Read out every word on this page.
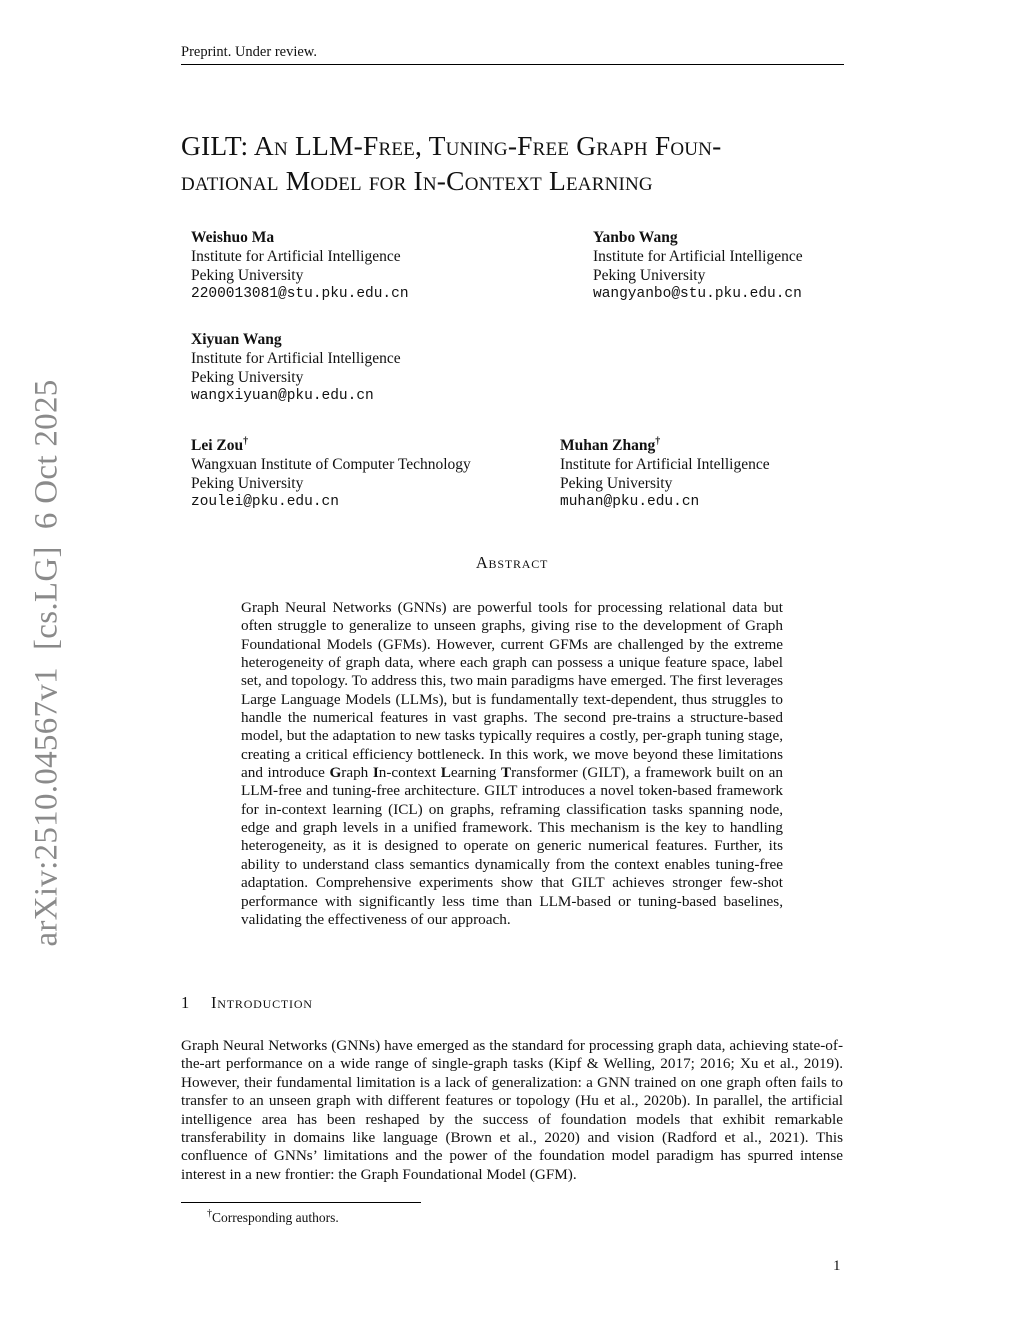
Preprint. Under review.
GILT: An LLM-Free, Tuning-Free Graph Foun-
dational Model for In-Context Learning
Weishuo Ma
Institute for Artificial Intelligence
Peking University
2200013081@stu.pku.edu.cn
Yanbo Wang
Institute for Artificial Intelligence
Peking University
wangyanbo@stu.pku.edu.cn
Xiyuan Wang
Institute for Artificial Intelligence
Peking University
wangxiyuan@pku.edu.cn
Lei Zou†
Wangxuan Institute of Computer Technology
Peking University
zoulei@pku.edu.cn
Muhan Zhang†
Institute for Artificial Intelligence
Peking University
muhan@pku.edu.cn
Abstract
Graph Neural Networks (GNNs) are powerful tools for processing relational data but often struggle to generalize to unseen graphs, giving rise to the development of Graph Foundational Models (GFMs). However, current GFMs are challenged by the extreme heterogeneity of graph data, where each graph can possess a unique feature space, label set, and topology. To address this, two main paradigms have emerged. The first leverages Large Language Models (LLMs), but is fundamentally text-dependent, thus struggles to handle the numerical features in vast graphs. The second pre-trains a structure-based model, but the adaptation to new tasks typically requires a costly, per-graph tuning stage, creating a critical efficiency bottleneck. In this work, we move beyond these limitations and introduce Graph In-context Learning Transformer (GILT), a framework built on an LLM-free and tuning-free architecture. GILT introduces a novel token-based framework for in-context learning (ICL) on graphs, reframing classification tasks spanning node, edge and graph levels in a unified framework. This mechanism is the key to handling heterogeneity, as it is designed to operate on generic numerical features. Further, its ability to understand class semantics dynamically from the context enables tuning-free adaptation. Comprehensive experiments show that GILT achieves stronger few-shot performance with significantly less time than LLM-based or tuning-based baselines, validating the effectiveness of our approach.
1 Introduction
Graph Neural Networks (GNNs) have emerged as the standard for processing graph data, achieving state-of-the-art performance on a wide range of single-graph tasks (Kipf & Welling, 2017; 2016; Xu et al., 2019). However, their fundamental limitation is a lack of generalization: a GNN trained on one graph often fails to transfer to an unseen graph with different features or topology (Hu et al., 2020b). In parallel, the artificial intelligence area has been reshaped by the success of foundation models that exhibit remarkable transferability in domains like language (Brown et al., 2020) and vision (Radford et al., 2021). This confluence of GNNs’ limitations and the power of the foundation model paradigm has spurred intense interest in a new frontier: the Graph Foundational Model (GFM).
†Corresponding authors.
1
arXiv:2510.04567v1  [cs.LG]  6 Oct 2025
